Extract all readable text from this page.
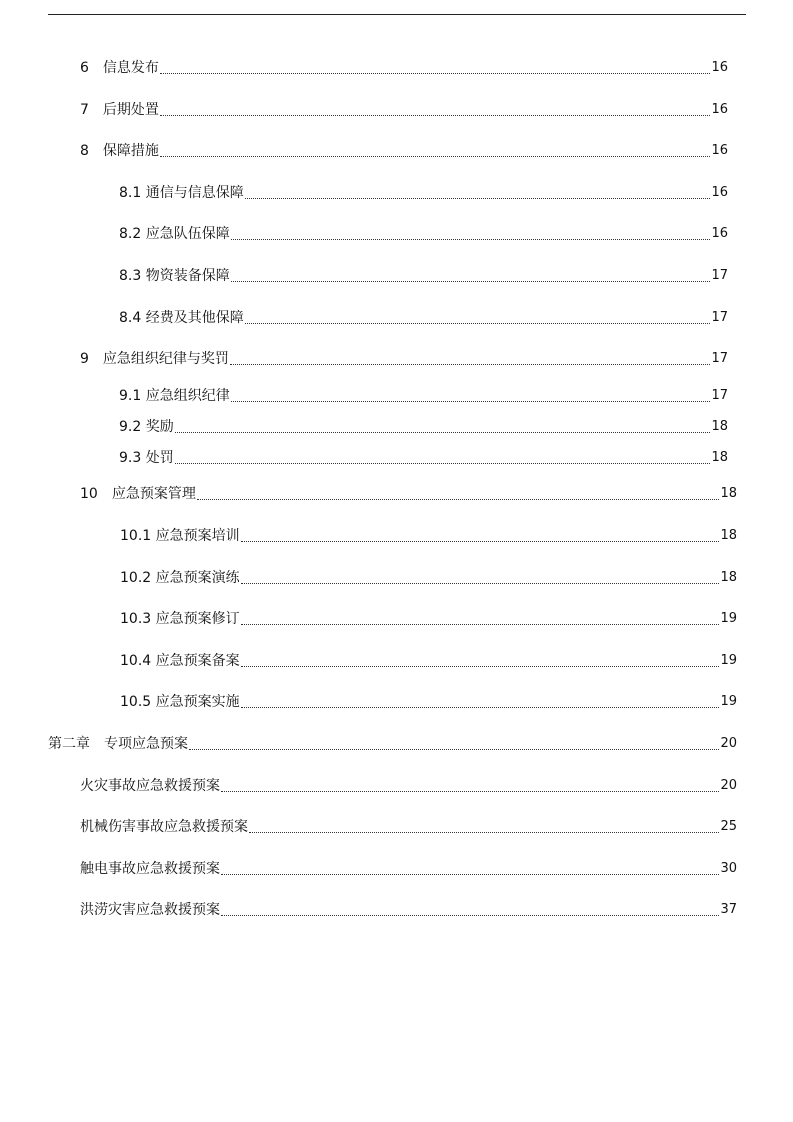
6　信息发布	16
7　后期处置	16
8　保障措施	16
8.1 通信与信息保障	16
8.2 应急队伍保障	16
8.3 物资装备保障	17
8.4 经费及其他保障	17
9　应急组织纪律与奖罚	17
9.1 应急组织纪律	17
9.2 奖励	18
9.3 处罚	18
10　应急预案管理	18
10.1 应急预案培训	18
10.2 应急预案演练	18
10.3 应急预案修订	19
10.4 应急预案备案	19
10.5 应急预案实施	19
第二章　专项应急预案	20
火灾事故应急救援预案	20
机械伤害事故应急救援预案	25
触电事故应急救援预案	30
洪涝灾害应急救援预案	37
